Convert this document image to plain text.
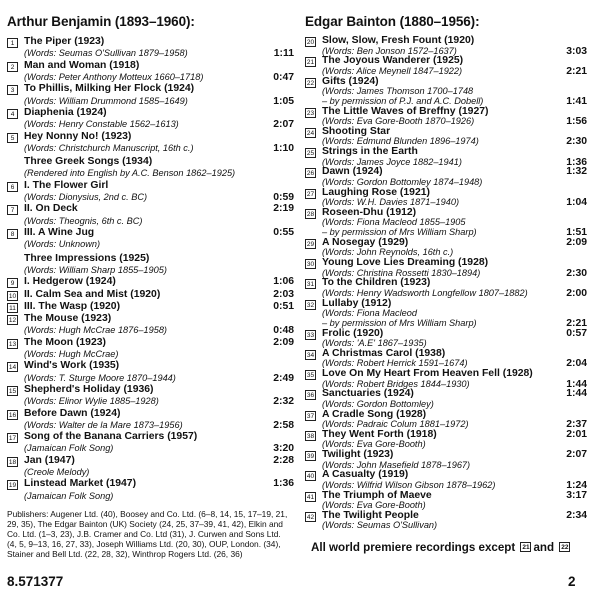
Arthur Benjamin (1893–1960):
1 The Piper (1923)
(Words: Seumas O'Sullivan 1879–1958)	1:11
2 Man and Woman (1918)
(Words: Peter Anthony Motteux 1660–1718)	0:47
3 To Phillis, Milking Her Flock (1924)
(Words: William Drummond 1585–1649)	1:05
4 Diaphenia (1924)
(Words: Henry Constable 1562–1613)	2:07
5 Hey Nonny No! (1923)
(Words: Christchurch Manuscript, 16th c.)	1:10
Three Greek Songs (1934)
(Rendered into English by A.C. Benson 1862–1925)
6 I. The Flower Girl
(Words: Dionysius, 2nd c. BC)	0:59
7 II. On Deck	2:19
(Words: Theognis, 6th c. BC)
8 III. A Wine Jug	0:55
(Words: Unknown)
Three Impressions (1925)
(Words: William Sharp 1855–1905)
9 I. Hedgerow (1924)	1:06
10 II. Calm Sea and Mist (1920)	2:03
11 III. The Wasp (1920)	0:51
12 The Mouse (1923)
(Words: Hugh McCrae 1876–1958)	0:48
13 The Moon (1923)	2:09
(Words: Hugh McCrae)
14 Wind's Work (1935)
(Words: T. Sturge Moore 1870–1944)	2:49
15 Shepherd's Holiday (1936)
(Words: Elinor Wylie 1885–1928)	2:32
16 Before Dawn (1924)
(Words: Walter de la Mare 1873–1956)	2:58
17 Song of the Banana Carriers (1957)
(Jamaican Folk Song)	3:20
18 Jan (1947)	2:28
(Creole Melody)
19 Linstead Market (1947)	1:36
(Jamaican Folk Song)
Edgar Bainton (1880–1956):
20 Slow, Slow, Fresh Fount (1920)
(Words: Ben Jonson 1572–1637)	3:03
21 The Joyous Wanderer (1925)
(Words: Alice Meynell 1847–1922)	2:21
22 Gifts (1924)
(Words: James Thomson 1700–1748
– by permission of P.J. and A.C. Dobell)	1:41
23 The Little Waves of Breffny (1927)
(Words: Eva Gore-Booth 1870–1926)	1:56
24 Shooting Star
(Words: Edmund Blunden 1896–1974)	2:30
25 Strings in the Earth
(Words: James Joyce 1882–1941)	1:36
26 Dawn (1924)	1:32
(Words: Gordon Bottomley 1874–1948)
27 Laughing Rose (1921)
(Words: W.H. Davies 1871–1940)	1:04
28 Roseen-Dhu (1912)
(Words: Fiona Macleod 1855–1905
– by permission of Mrs William Sharp)	1:51
29 A Nosegay (1929)	2:09
(Words: John Reynolds, 16th c.)
30 Young Love Lies Dreaming (1928)
(Words: Christina Rossetti 1830–1894)	2:30
31 To the Children (1923)
(Words: Henry Wadsworth Longfellow 1807–1882)	2:00
32 Lullaby (1912)
(Words: Fiona Macleod
– by permission of Mrs William Sharp)	2:21
33 Frolic (1920)	0:57
(Words: 'A.E' 1867–1935)
34 A Christmas Carol (1938)
(Words: Robert Herrick 1591–1674)	2:04
35 Love On My Heart From Heaven Fell (1928)
(Words: Robert Bridges 1844–1930)	1:44
36 Sanctuaries (1924)	1:44
(Words: Gordon Bottomley)
37 A Cradle Song (1928)
(Words: Padraic Colum 1881–1972)	2:37
38 They Went Forth (1918)	2:01
(Words: Eva Gore-Booth)
39 Twilight (1923)	2:07
(Words: John Masefield 1878–1967)
40 A Casualty (1919)
(Words: Wilfrid Wilson Gibson 1878–1962)	1:24
41 The Triumph of Maeve	3:17
(Words: Eva Gore-Booth)
42 The Twilight People	2:34
(Words: Seumas O'Sullivan)
Publishers: Augener Ltd. (40), Boosey and Co. Ltd. (6–8, 14, 15, 17–19, 21, 29, 35), The Edgar Bainton (UK) Society (24, 25, 37–39, 41, 42), Elkin and Co. Ltd. (1–3, 23), J.B. Cramer and Co. Ltd (31), J. Curwen and Sons Ltd. (4, 5, 9–13, 16, 27, 33), Joseph Williams Ltd. (20, 30), OUP, London. (34), Stainer and Bell Ltd. (22, 28, 32), Winthrop Rogers Ltd. (26, 36)	All world premiere recordings except 21 and 22
8.571377	2
